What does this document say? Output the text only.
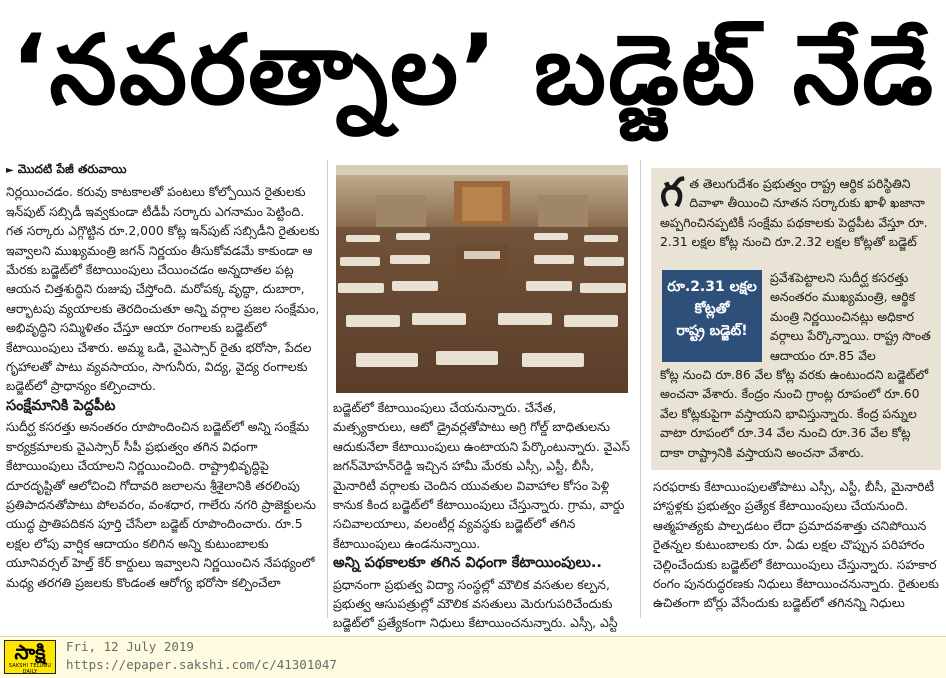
‘నవరత్నాల’ బడ్జెట్ నేడే
► మొదటి పేజీ తరువాయి

నిర్లయించడం. కరువు కాటకాలతో పంటలు కోల్పోయిన రైతులకు ఇన్‌పుట్ సబ్సిడీ ఇవ్వకుండా టీడీపీ సర్కారు ఎగనామం పెట్టింది. గత సర్కారు ఎగ్గొట్టిన రూ.2,000 కోట్ల ఇన్‌పుట్ సబ్సిడీని రైతులకు ఇవ్వాలని ముఖ్యమంత్రి జగన్ నిర్ణయం తీసుకోవడమే కాకుండా ఆ మేరకు బడ్జెట్‌లో కేటాయింపులు చేయించడం అన్నదాతల పట్ల ఆయన చిత్తశుద్ధిని రుజువు చేస్తోంది. మరోపక్క వృద్ధా, దుబారా, ఆర్భాటపు వ్యయాలకు తెరదించుతూ అన్ని వర్గాల ప్రజల సంక్షేమం, అభివృద్ధిని సమ్మిళితం చేస్తూ ఆయా రంగాలకు బడ్జెట్‌లో కేటాయింపులు చేశారు. అమ్మ ఒడి, వైఎస్సార్ రైతు భరోసా, పేదల గృహాలతో పాటు వ్యవసాయం, సాగునీరు, విద్య, వైద్య రంగాలకు బడ్జెట్‌లో ప్రాధాన్యం కల్పించారు.

సంక్షేమానికి పెద్దపీట

సుదీర్ఘ కసరత్తు అనంతరం రూపొందించిన బడ్జెట్‌లో అన్ని సంక్షేమ కార్యక్రమాలకు వైఎస్సార్ సీపీ ప్రభుత్వం తగిన విధంగా కేటాయింపులు చేయాలని నిర్ణయించింది. రాష్ట్రాభివృద్ధిపై దూరదృష్టితో ఆలోచించి గోదావరి జలాలను శ్రీశైలానికి తరలింపు ప్రతిపాదనతోపాటు పోలవరం, వంశధార, గాలేరు నగరి ప్రాజెక్టులను యుద్ధ ప్రాతిపదికన పూర్తి చేసేలా బడ్జెట్ రూపొందించారు. రూ.5 లక్షల లోపు వార్షిక ఆదాయం కలిగిన అన్ని కుటుంబాలకు యూనివర్సల్ హెల్త్ కేర్ కార్డులు ఇవ్వాలని నిర్ణయించిన నేపథ్యంలో మధ్య తరగతి ప్రజలకు కొండంత ఆరోగ్య భరోసా కల్పించేలా

బడ్జెట్‌లో కేటాయింపులు చేయనున్నారు. చేనేత, మత్స్యకారులు, ఆటో డ్రైవర్లతోపాటు అగ్రి గోల్డ్ బాధితులను ఆదుకునేలా కేటాయింపులు ఉంటాయని పేర్కొంటున్నారు. వైఎస్ జగన్‌మోహన్‌రెడ్డి ఇచ్చిన హామీ మేరకు ఎస్సీ, ఎస్టీ, బీసీ, మైనారిటీ వర్గాలకు చెందిన యువతుల వివాహాల కోసం పెళ్లి కానుక కింద బడ్జెట్‌లో కేటాయింపులు చేస్తున్నారు. గ్రామ, వార్డు సచివాలయాలు, వలంటీర్ల వ్యవస్థకు బడ్జెట్‌లో తగిన కేటాయింపులు ఉండనున్నాయి.

అన్ని పథకాలకూ తగిన విధంగా కేటాయింపులు..

ప్రధానంగా ప్రభుత్వ విద్యా సంస్థల్లో మౌలిక వసతుల కల్పన, ప్రభుత్వ ఆసుపత్రుల్లో మౌలిక వసతులు మెరుగుపరిచేందుకు బడ్జెట్‌లో ప్రత్యేకంగా నిధులు కేటాయించనున్నారు. ఎస్సీ, ఎస్టీ

గ త తెలుగుదేశం ప్రభుత్వం రాష్ట్ర ఆర్థిక పరిస్థితిని దివాళా తీయించి నూతన సర్కారుకు ఖాళీ ఖజానా అప్పగించినప్పటికీ సంక్షేమ పథకాలకు పెద్దపీట వేస్తూ రూ. 2.31 లక్షల కోట్ల నుంచి రూ.2.32 లక్షల కోట్లతో బడ్జెట్

రూ.2.31 లక్షల
కోట్లతో
రాష్ట్ర బడ్జెట్!

ప్రవేశపెట్టాలని సుదీర్ఘ కసరత్తు అనంతరం ముఖ్యమంత్రి, ఆర్థిక మంత్రి నిర్ణయించినట్లు అధికార వర్గాలు పేర్కొన్నాయి. రాష్ట్ర సొంత ఆదాయం రూ.85 వేల

కోట్ల నుంచి రూ.86 వేల కోట్ల వరకు ఉంటుందని బడ్జెట్‌లో అంచనా వేశారు. కేంద్రం నుంచి గ్రాంట్ల రూపంలో రూ.60 వేల కోట్లకుపైగా వస్తాయని భావిస్తున్నారు. కేంద్ర పన్నుల వాటా రూపంలో రూ.34 వేల నుంచి రూ.36 వేల కోట్ల దాకా రాష్ట్రానికి వస్తాయని అంచనా వేశారు.

సరఫరాకు కేటాయింపులతోపాటు ఎస్సీ, ఎస్టీ, బీసీ, మైనారిటీ హాస్టళ్లకు ప్రభుత్వం ప్రత్యేక కేటాయింపులు చేయనుంది. ఆత్మహత్యకు పాల్పడటం లేదా ప్రమాదవశాత్తు చనిపోయిన రైతన్నల కుటుంబాలకు రూ. ఏడు లక్షల చొప్పున పరిహారం చెల్లించేందుకు బడ్జెట్‌లో కేటాయింపులు చేస్తున్నారు. సహకార రంగం పునరుద్ధరణకు నిధులు కేటాయించనున్నారు. రైతులకు ఉచితంగా బోర్లు వేసేందుకు బడ్జెట్‌లో తగినన్ని నిధులు

సాక్షి
SAKSHI TELUGU DAILY
Fri, 12 July 2019
https://epaper.sakshi.com/c/41301047
